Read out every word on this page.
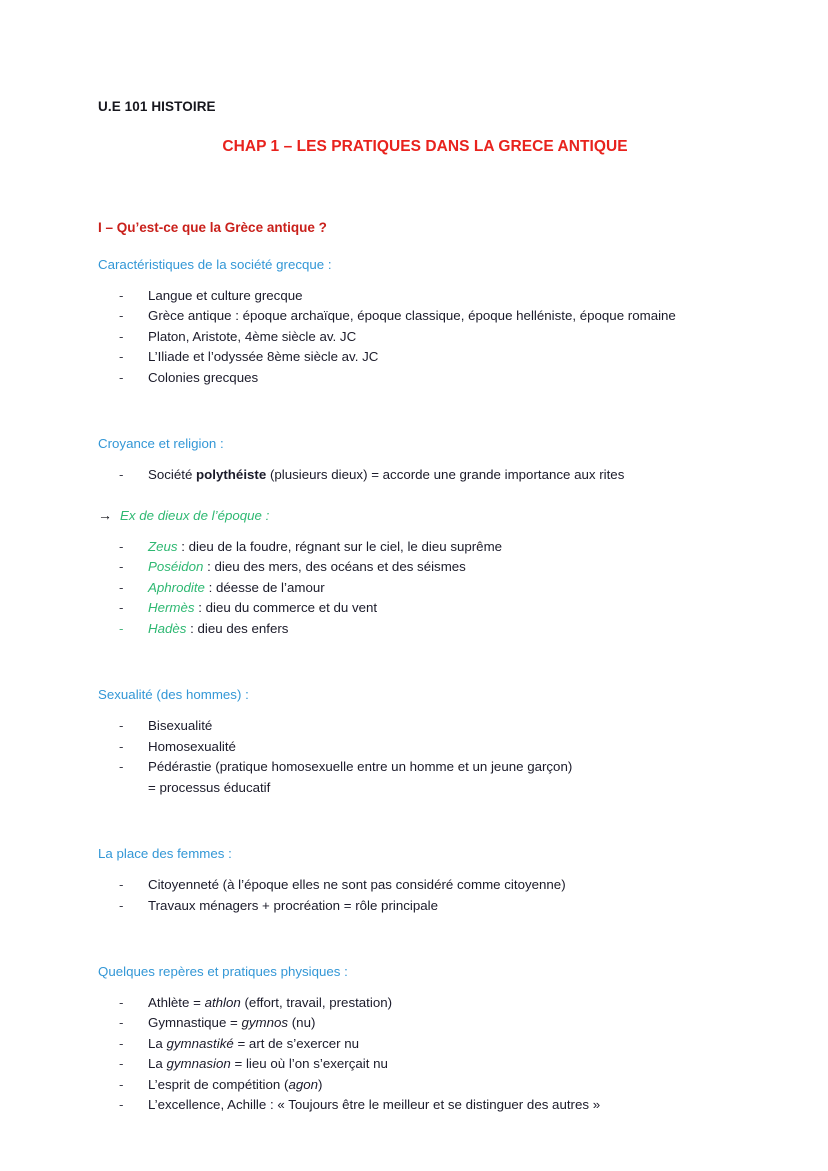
U.E 101 HISTOIRE
CHAP 1 – LES PRATIQUES DANS LA GRECE ANTIQUE
I – Qu’est-ce que la Grèce antique ?
Caractéristiques de la société grecque :
- Langue et culture grecque
- Grèce antique : époque archaïque, époque classique, époque helléniste, époque romaine
- Platon, Aristote, 4ème siècle av. JC
- L’Iliade et l’odyssée 8ème siècle av. JC
- Colonies grecques
Croyance et religion :
- Société polythéiste (plusieurs dieux) = accorde une grande importance aux rites
→ Ex de dieux de l’époque :
- Zeus : dieu de la foudre, régnant sur le ciel, le dieu suprême
- Poséidon : dieu des mers, des océans et des séismes
- Aphrodite : déesse de l’amour
- Hermès : dieu du commerce et du vent
- Hadès : dieu des enfers
Sexualité (des hommes) :
- Bisexualité
- Homosexualité
- Pédérastie (pratique homosexuelle entre un homme et un jeune garçon)
= processus éducatif
La place des femmes :
- Citoyenneté (à l’époque elles ne sont pas considéré comme citoyenne)
- Travaux ménagers + procréation = rôle principale
Quelques repères et pratiques physiques :
- Athlète = athlon (effort, travail, prestation)
- Gymnastique = gymnos (nu)
- La gymnastiké = art de s’exercer nu
- La gymnasion = lieu où l’on s’exerçait nu
- L’esprit de compétition (agon)
- L’excellence, Achille : « Toujours être le meilleur et se distinguer des autres »
